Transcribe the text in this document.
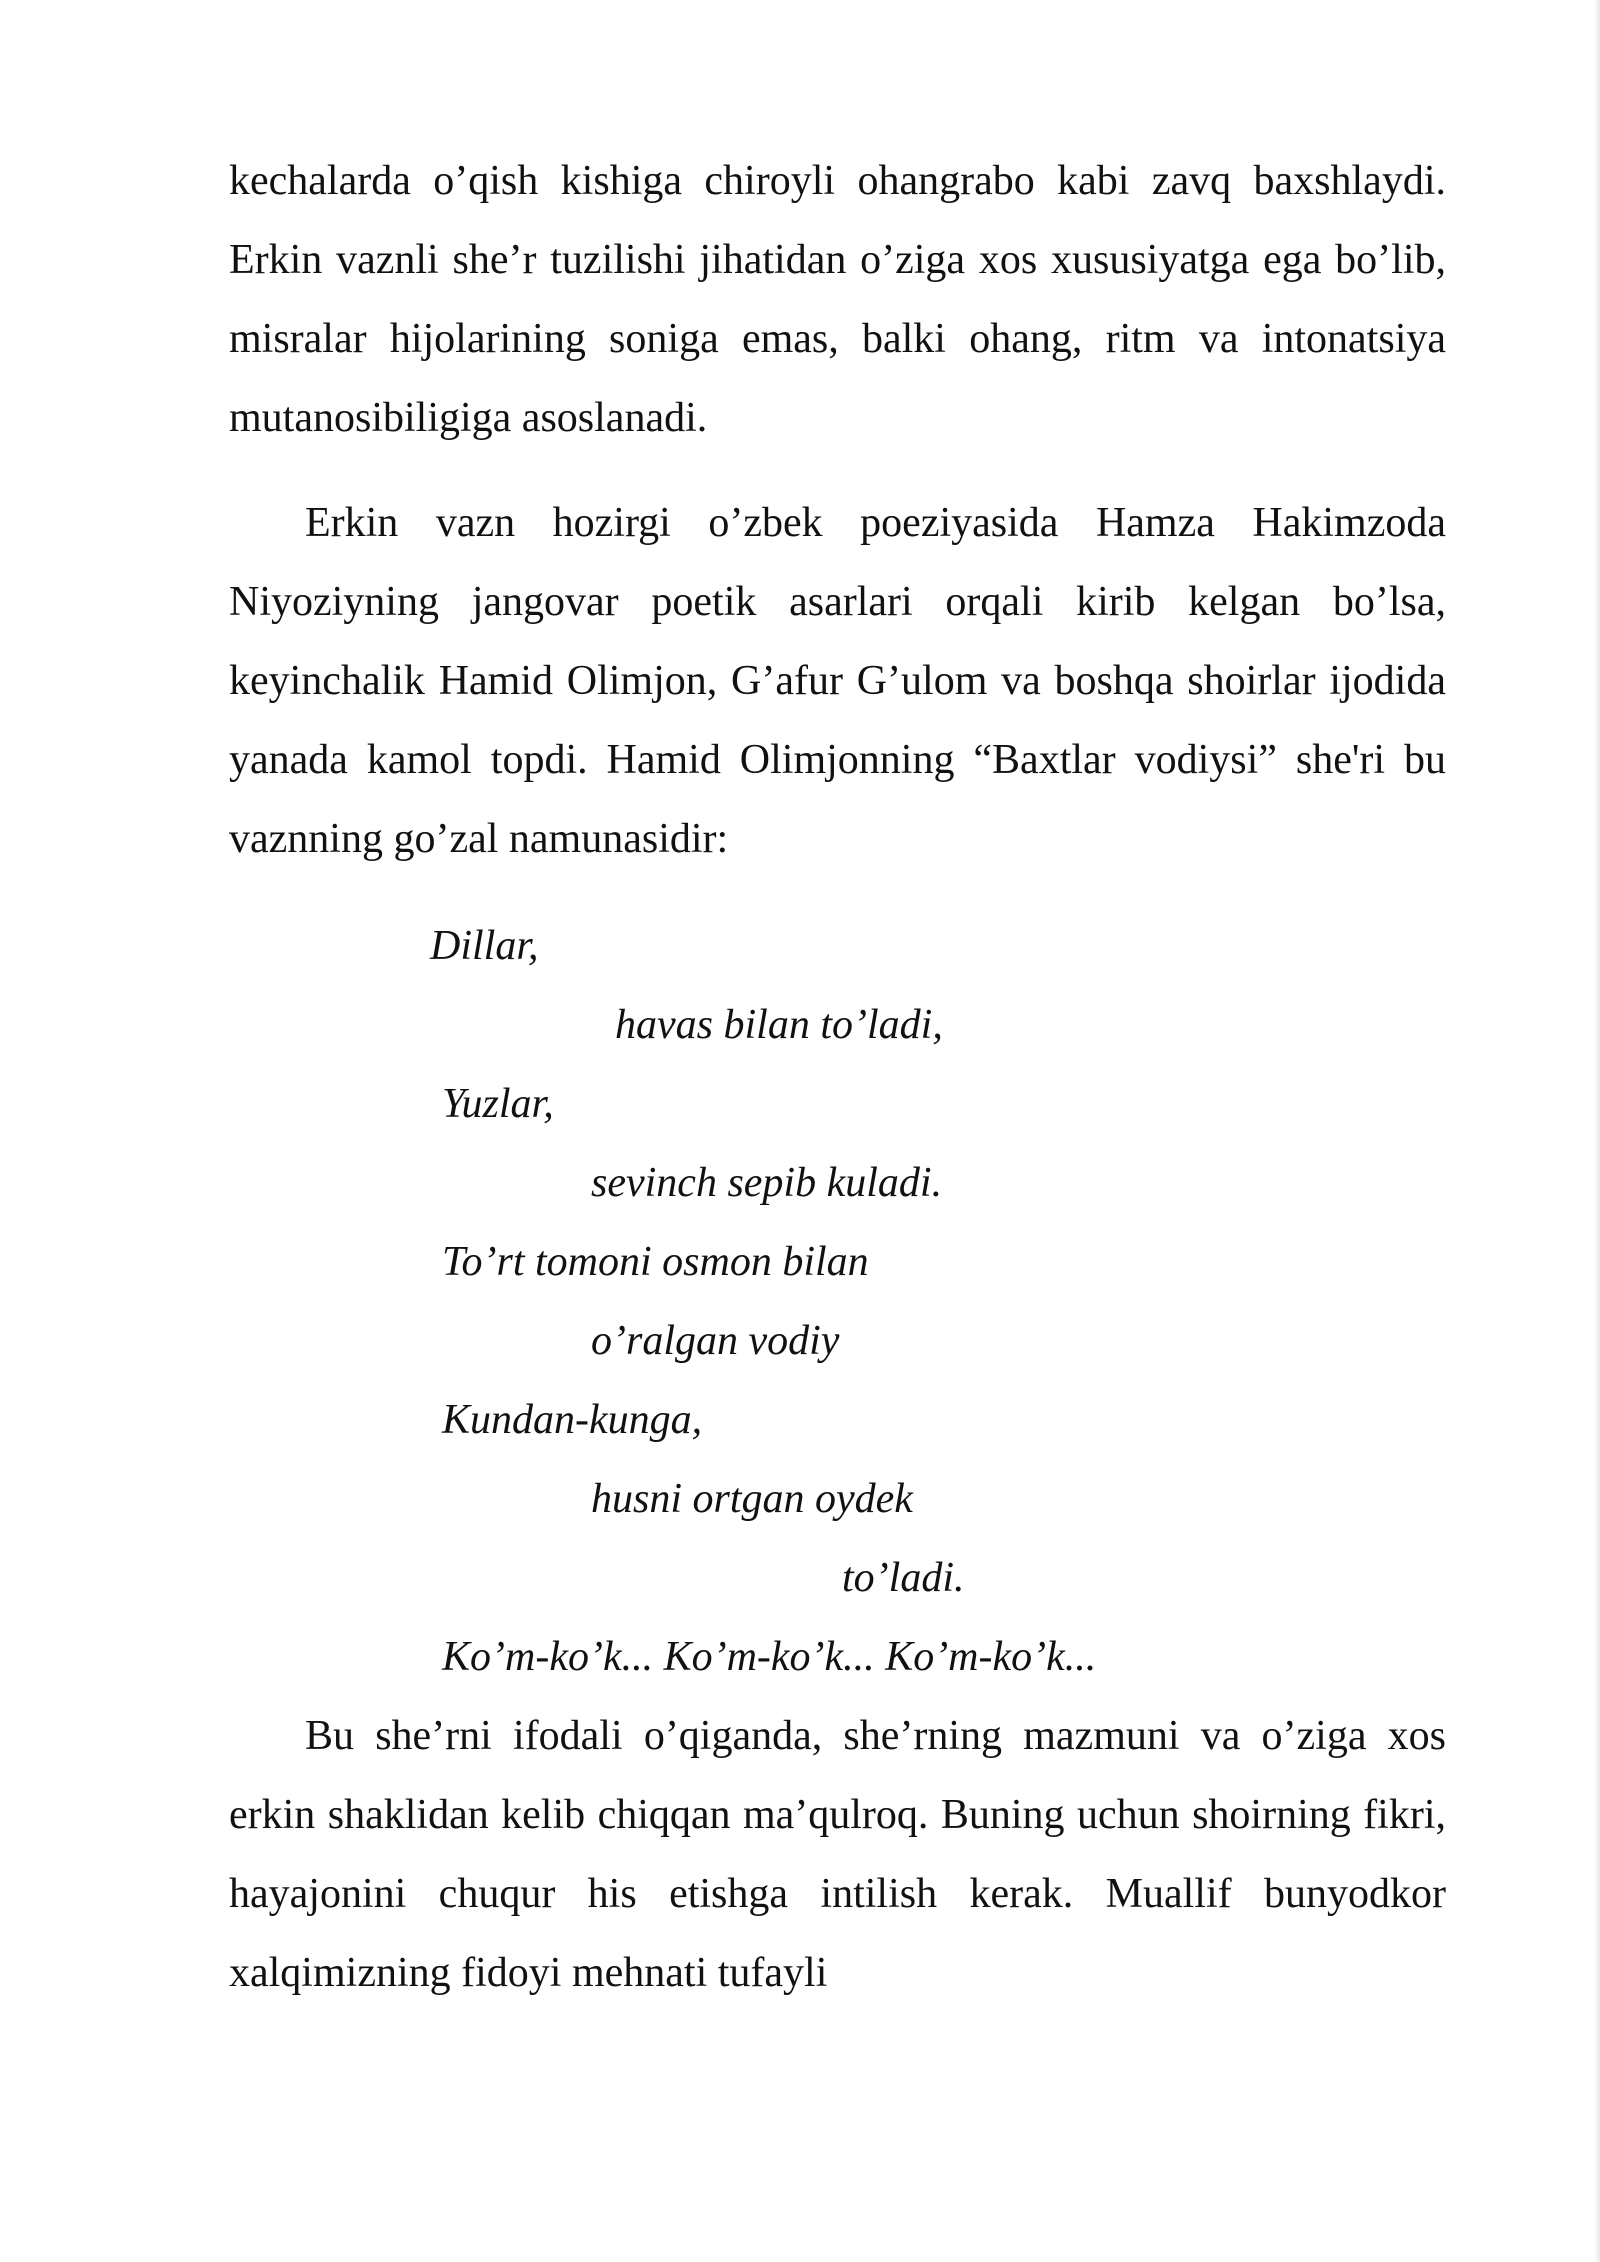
kechalarda o’qish kishiga chiroyli ohangrabo kabi zavq baxshlaydi. Erkin vaznli she’r tuzilishi jihatidan o’ziga xos xususiyatga ega bo’lib, misralar hijolarining soniga emas, balki ohang, ritm va intonatsiya mutanosibiligiga asoslanadi.

Erkin vazn hozirgi o’zbek poeziyasida Hamza Hakimzoda Niyoziyning jangovar poetik asarlari orqali kirib kelgan bo’lsa, keyinchalik Hamid Olimjon, G’afur G’ulom va boshqa shoirlar ijodida yanada kamol topdi. Hamid Olimjonning “Baxtlar vodiysi” she'ri bu vaznning go’zal namunasidir:

Dillar,
havas bilan to’ladi,
Yuzlar,
sevinch sepib kuladi.
To’rt tomoni osmon bilan
o’ralgan vodiy
Kundan-kunga,
husni ortgan oydek
to’ladi.
Ko’m-ko’k... Ko’m-ko’k... Ko’m-ko’k...

Bu she’rni ifodali o’qiganda, she’rning mazmuni va o’ziga xos erkin shaklidan kelib chiqqan ma’qulroq. Buning uchun shoirning fikri, hayajonini chuqur his etishga intilish kerak. Muallif bunyodkor xalqimizning fidoyi mehnati tufayli
